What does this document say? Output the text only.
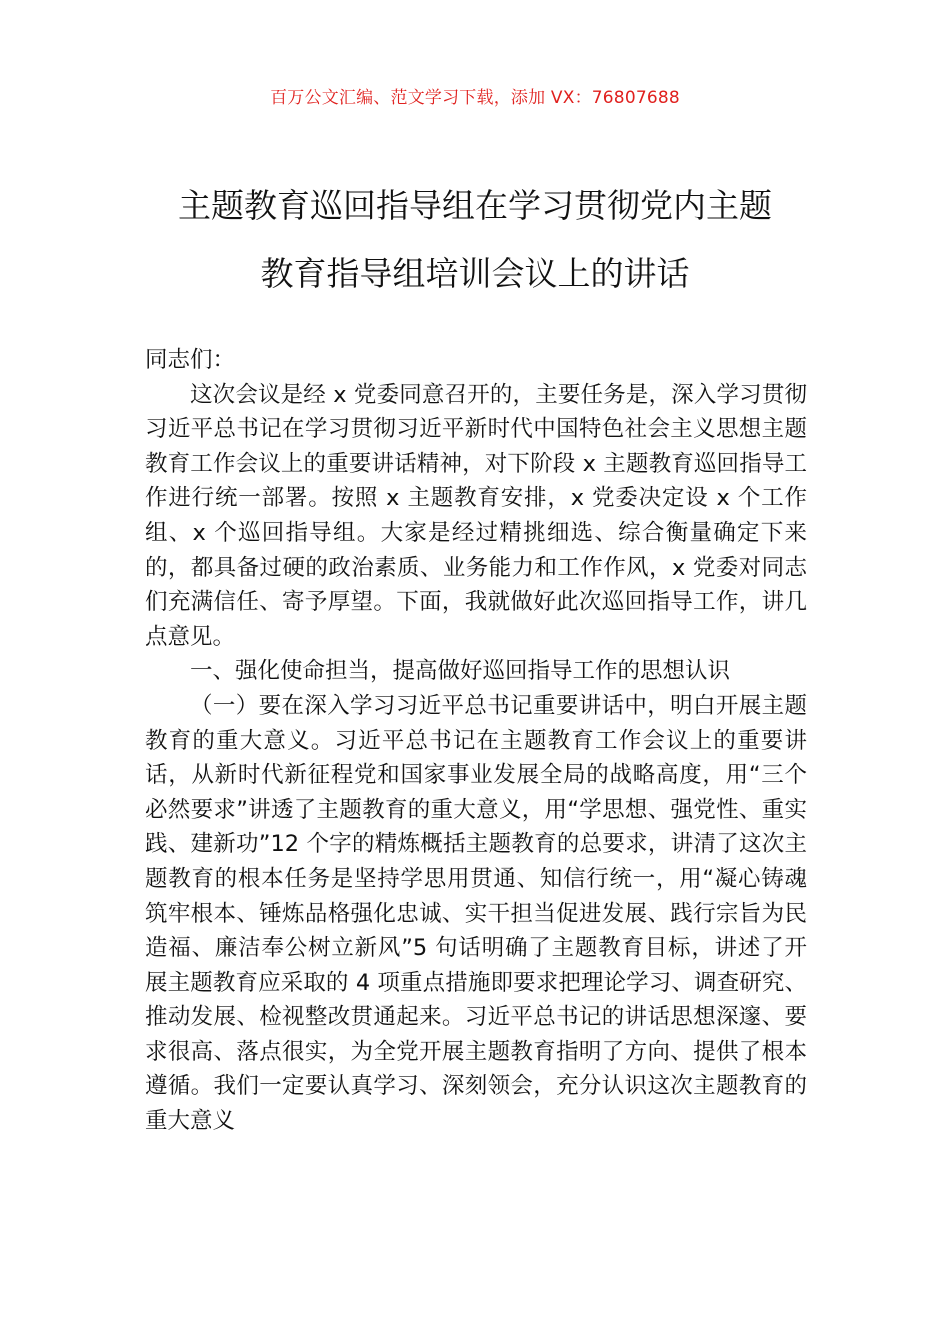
百万公文汇编、范文学习下载，添加 VX：76807688
主题教育巡回指导组在学习贯彻党内主题
教育指导组培训会议上的讲话

同志们：

这次会议是经 x 党委同意召开的，主要任务是，深入学习贯彻习近平总书记在学习贯彻习近平新时代中国特色社会主义思想主题教育工作会议上的重要讲话精神，对下阶段 x 主题教育巡回指导工作进行统一部署。按照 x 主题教育安排，x 党委决定设 x 个工作组、x 个巡回指导组。大家是经过精挑细选、综合衡量确定下来的，都具备过硬的政治素质、业务能力和工作作风，x 党委对同志们充满信任、寄予厚望。下面，我就做好此次巡回指导工作，讲几点意见。

一、强化使命担当，提高做好巡回指导工作的思想认识

（一）要在深入学习习近平总书记重要讲话中，明白开展主题教育的重大意义。习近平总书记在主题教育工作会议上的重要讲话，从新时代新征程党和国家事业发展全局的战略高度，用“三个必然要求”讲透了主题教育的重大意义，用“学思想、强党性、重实践、建新功”12 个字的精炼概括主题教育的总要求，讲清了这次主题教育的根本任务是坚持学思用贯通、知信行统一，用“凝心铸魂筑牢根本、锤炼品格强化忠诚、实干担当促进发展、践行宗旨为民造福、廉洁奉公树立新风”5 句话明确了主题教育目标，讲述了开展主题教育应采取的 4 项重点措施即要求把理论学习、调查研究、推动发展、检视整改贯通起来。习近平总书记的讲话思想深邃、要求很高、落点很实，为全党开展主题教育指明了方向、提供了根本遵循。我们一定要认真学习、深刻领会，充分认识这次主题教育的重大意义
